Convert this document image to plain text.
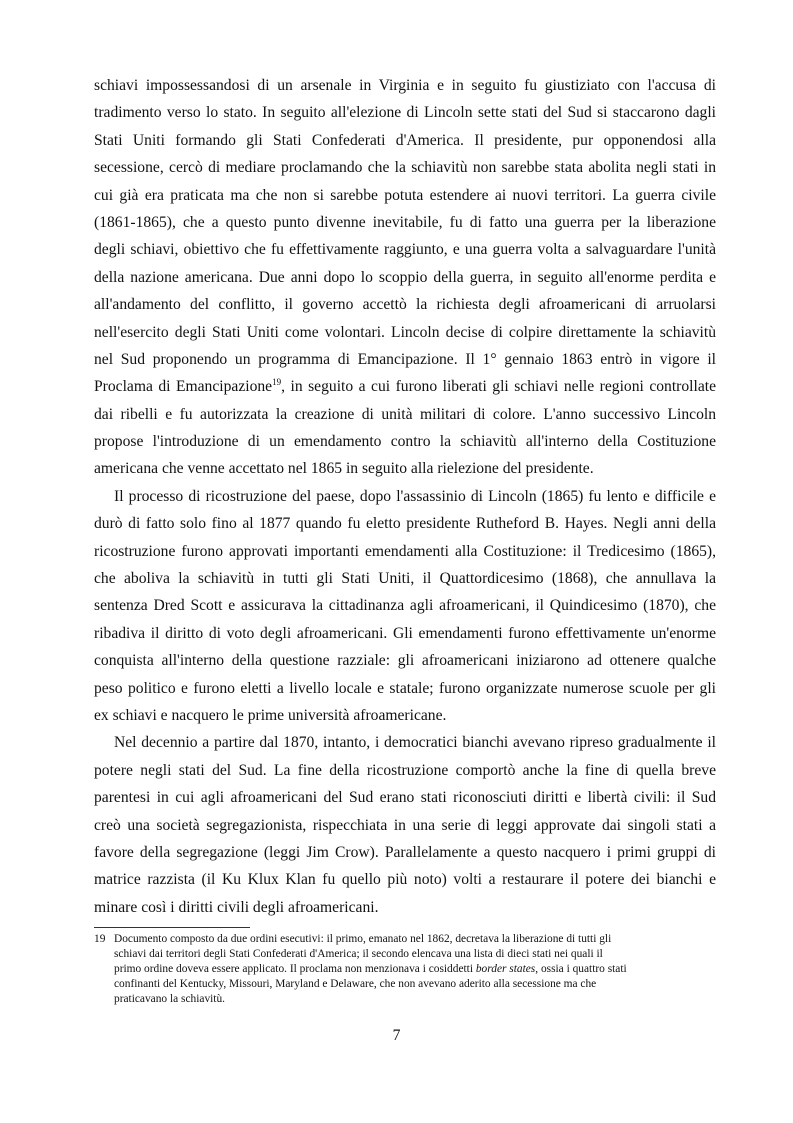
schiavi impossessandosi di un arsenale in Virginia e in seguito fu giustiziato con l'accusa di
tradimento verso lo stato. In seguito all'elezione di Lincoln sette stati del Sud si staccarono dagli
Stati Uniti formando gli Stati Confederati d'America. Il presidente, pur opponendosi alla
secessione, cercò di mediare proclamando che la schiavitù non sarebbe stata abolita negli stati in
cui già era praticata ma che non si sarebbe potuta estendere ai nuovi territori. La guerra civile
(1861-1865), che a questo punto divenne inevitabile, fu di fatto una guerra per la liberazione
degli schiavi, obiettivo che fu effettivamente raggiunto, e una guerra volta a salvaguardare l'unità
della nazione americana. Due anni dopo lo scoppio della guerra, in seguito all'enorme perdita e
all'andamento del conflitto, il governo accettò la richiesta degli afroamericani di arruolarsi
nell'esercito degli Stati Uniti come volontari. Lincoln decise di colpire direttamente la schiavitù
nel Sud proponendo un programma di Emancipazione. Il 1° gennaio 1863 entrò in vigore il
Proclama di Emancipazione$^{19}$, in seguito a cui furono liberati gli schiavi nelle regioni controllate
dai ribelli e fu autorizzata la creazione di unità militari di colore. L'anno successivo Lincoln
propose l'introduzione di un emendamento contro la schiavitù all'interno della Costituzione
americana che venne accettato nel 1865 in seguito alla rielezione del presidente.
Il processo di ricostruzione del paese, dopo l'assassinio di Lincoln (1865) fu lento e difficile e
durò di fatto solo fino al 1877 quando fu eletto presidente Rutheford B. Hayes. Negli anni della
ricostruzione furono approvati importanti emendamenti alla Costituzione: il Tredicesimo (1865),
che aboliva la schiavitù in tutti gli Stati Uniti, il Quattordicesimo (1868), che annullava la
sentenza Dred Scott e assicurava la cittadinanza agli afroamericani, il Quindicesimo (1870), che
ribadiva il diritto di voto degli afroamericani. Gli emendamenti furono effettivamente un'enorme
conquista all'interno della questione razziale: gli afroamericani iniziarono ad ottenere qualche
peso politico e furono eletti a livello locale e statale; furono organizzate numerose scuole per gli
ex schiavi e nacquero le prime università afroamericane.
Nel decennio a partire dal 1870, intanto, i democratici bianchi avevano ripreso gradualmente il
potere negli stati del Sud. La fine della ricostruzione comportò anche la fine di quella breve
parentesi in cui agli afroamericani del Sud erano stati riconosciuti diritti e libertà civili: il Sud
creò una società segregazionista, rispecchiata in una serie di leggi approvate dai singoli stati a
favore della segregazione (leggi Jim Crow). Parallelamente a questo nacquero i primi gruppi di
matrice razzista (il Ku Klux Klan fu quello più noto) volti a restaurare il potere dei bianchi e
minare così i diritti civili degli afroamericani.
19 Documento composto da due ordini esecutivi: il primo, emanato nel 1862, decretava la liberazione di tutti gli
schiavi dai territori degli Stati Confederati d'America; il secondo elencava una lista di dieci stati nei quali il
primo ordine doveva essere applicato. Il proclama non menzionava i cosiddetti border states, ossia i quattro stati
confinanti del Kentucky, Missouri, Maryland e Delaware, che non avevano aderito alla secessione ma che
praticavano la schiavitù.
7
